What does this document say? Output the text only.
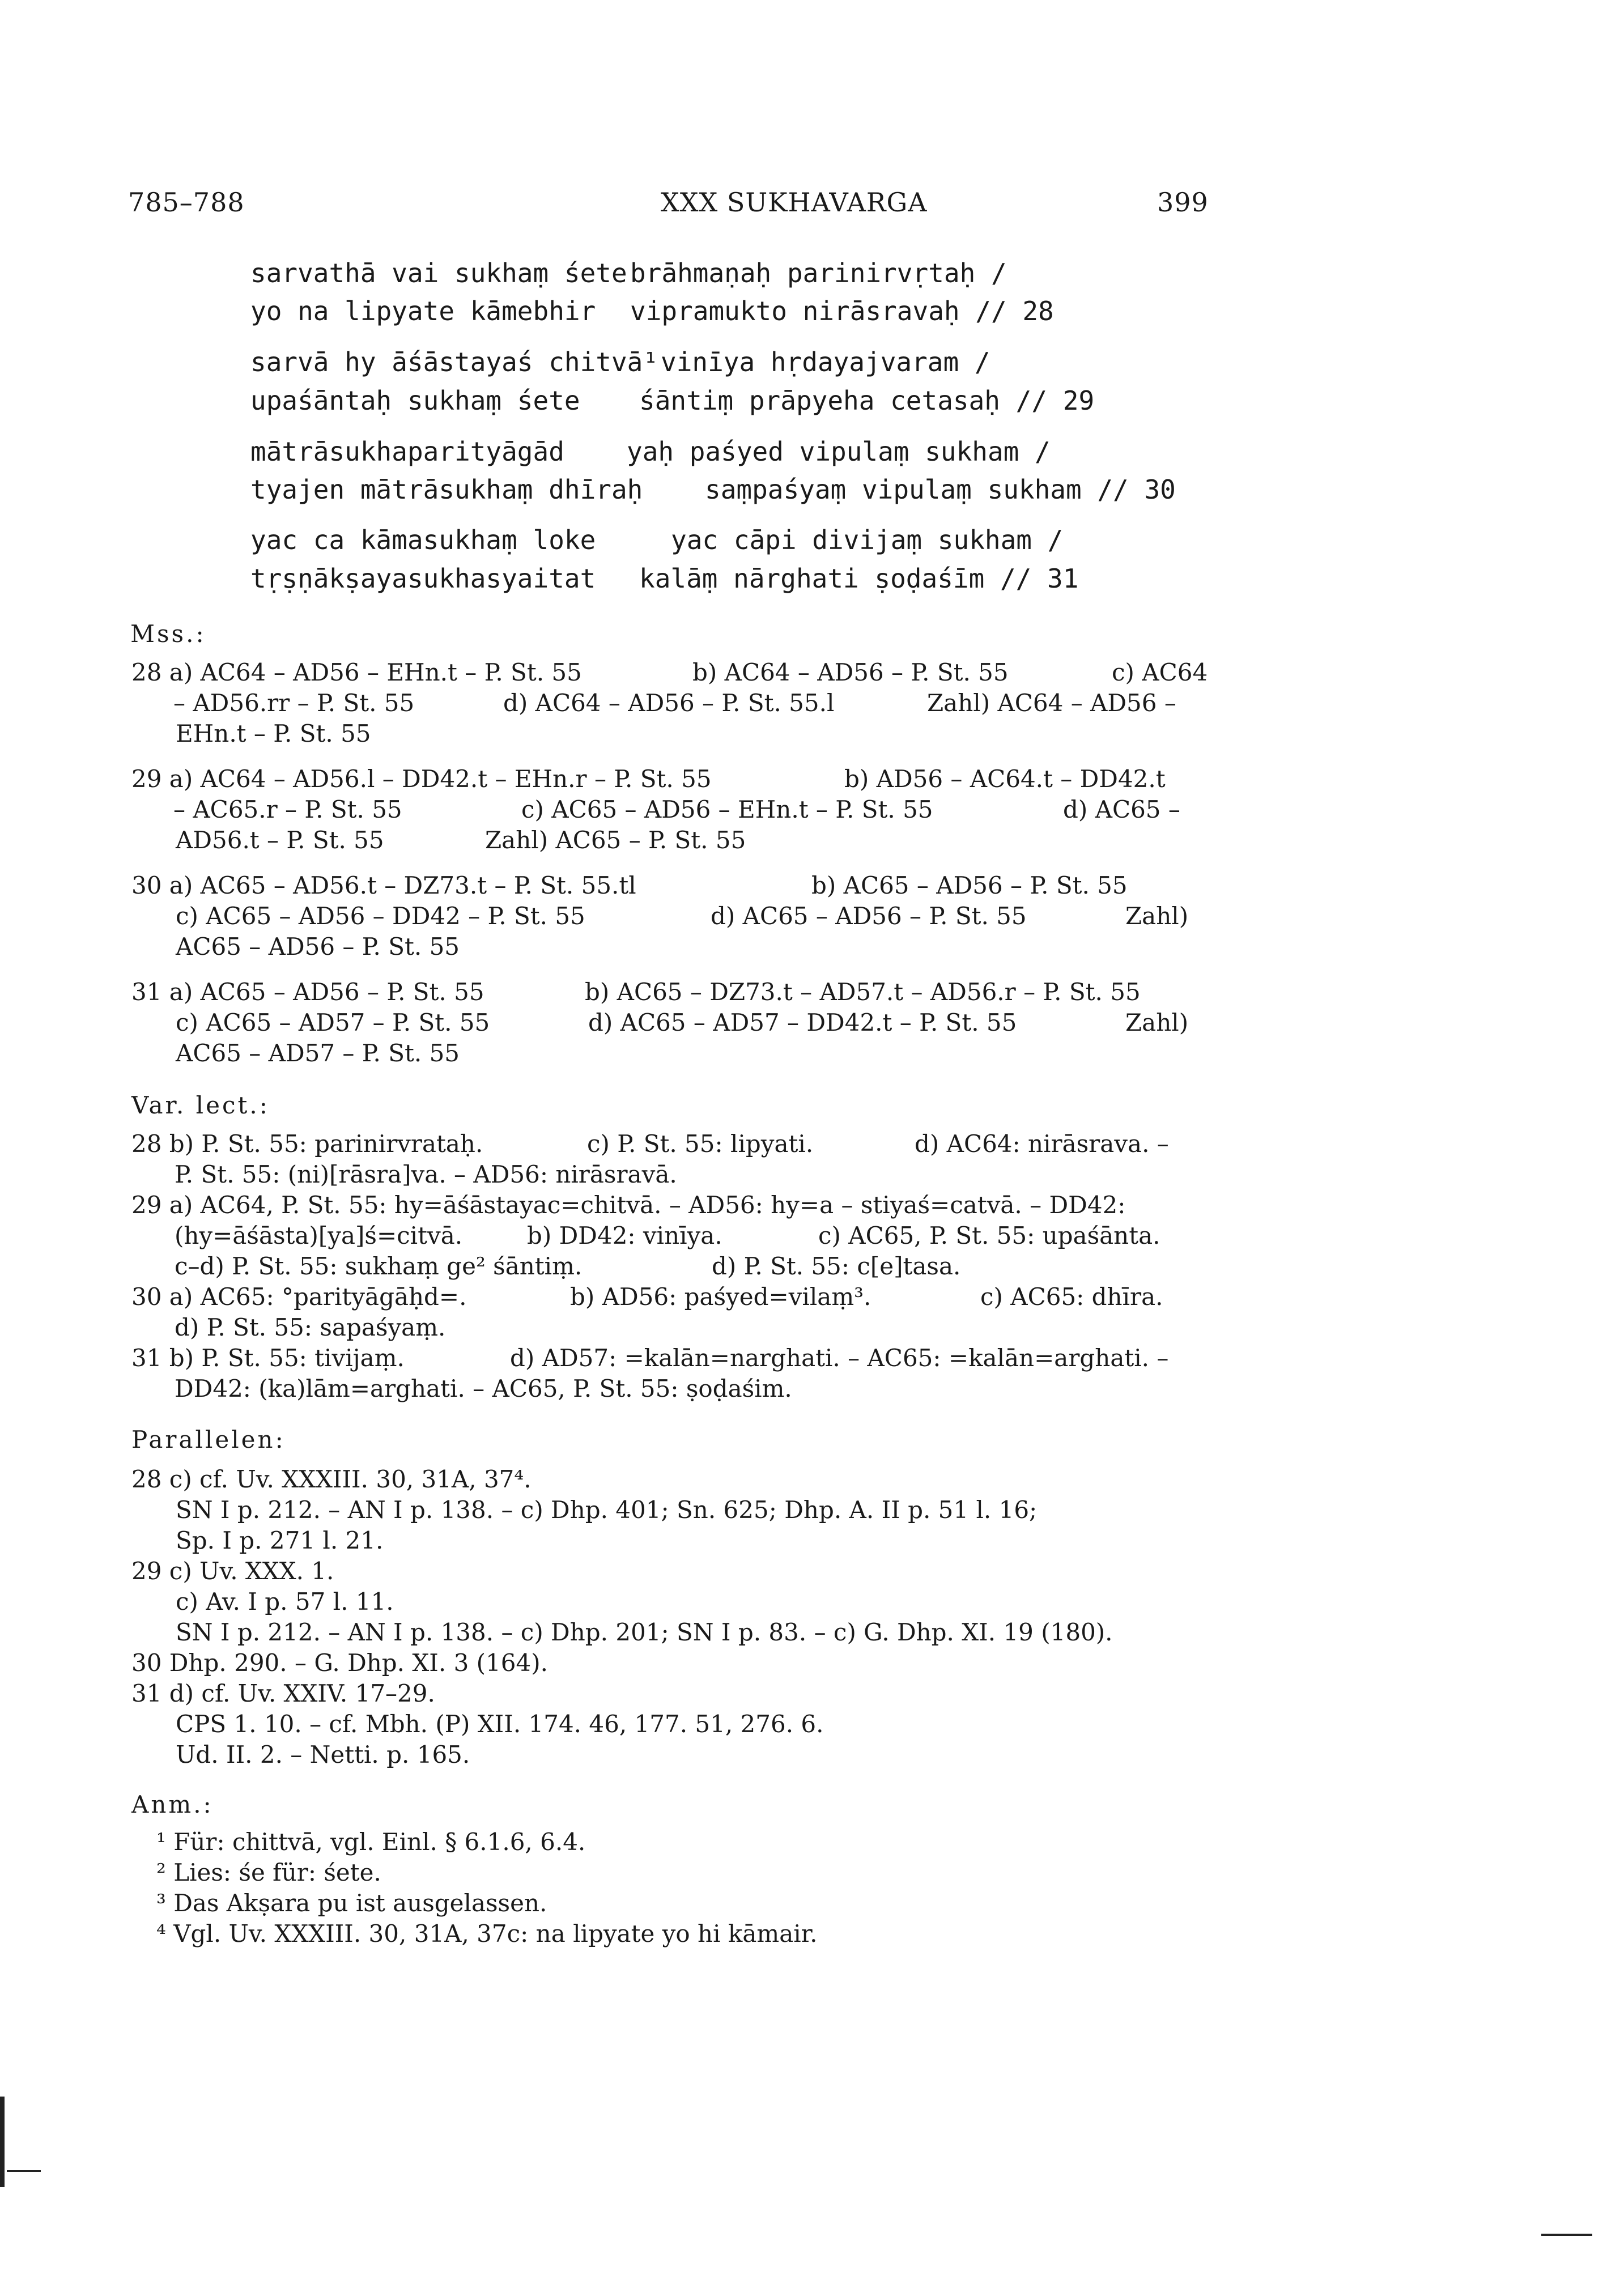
785–788	XXX SUKHAVARGA	399
sarvathā vai sukhaṃ śete brāhmaṇaḥ parinirvṛtaḥ /
yo na lipyate kāmebhir vipramukto nirāsravaḥ // 28
sarvā hy āśāstayaś chitvā¹ vinīya hṛdayajvaram /
upaśāntaḥ sukhaṃ śete śāntiṃ prāpyeha cetasaḥ // 29
mātrāsukhaparityāgād yaḥ paśyed vipulaṃ sukham /
tyajen mātrāsukhaṃ dhīraḥ saṃpaśyaṃ vipulaṃ sukham // 30
yac ca kāmasukhaṃ loke	yac cāpi divijaṃ sukham /
tṛṣṇākṣayasukhasyaitat kalāṃ nārghati ṣoḍaśīm // 31
Mss.:
28 a) AC64 – AD56 – EHn.t – P. St. 55	b) AC64 – AD56 – P. St. 55	c) AC64
– AD56.rr – P. St. 55	d) AC64 – AD56 – P. St. 55.l	Zahl) AC64 – AD56 –
EHn.t – P. St. 55
29 a) AC64 – AD56.l – DD42.t – EHn.r – P. St. 55	b) AD56 – AC64.t – DD42.t
– AC65.r – P. St. 55	c) AC65 – AD56 – EHn.t – P. St. 55	d) AC65 –
AD56.t – P. St. 55	Zahl) AC65 – P. St. 55
30 a) AC65 – AD56.t – DZ73.t – P. St. 55.tl	b) AC65 – AD56 – P. St. 55
c) AC65 – AD56 – DD42 – P. St. 55	d) AC65 – AD56 – P. St. 55	Zahl)
AC65 – AD56 – P. St. 55
31 a) AC65 – AD56 – P. St. 55	b) AC65 – DZ73.t – AD57.t – AD56.r – P. St. 55
c) AC65 – AD57 – P. St. 55	d) AC65 – AD57 – DD42.t – P. St. 55	Zahl)
AC65 – AD57 – P. St. 55
Var. lect.:
28 b) P. St. 55: parinirvrataḥ.	c) P. St. 55: lipyati.	d) AC64: nirāsrava. –
P. St. 55: (ni)[rāsra]va. – AD56: nirāsravā.
29 a) AC64, P. St. 55: hy=āśāstayac=chitvā. – AD56: hy=a – stiyaś=catvā. – DD42:
(hy=āśāsta)[ya]ś=citvā.	b) DD42: vinīya.	c) AC65, P. St. 55: upaśānta.
c–d) P. St. 55: sukhaṃ ge² śāntiṃ.	d) P. St. 55: c[e]tasa.
30 a) AC65: °parityāgāḥd=.	b) AD56: paśyed=vilaṃ³.	c) AC65: dhīra.
d) P. St. 55: sapaśyaṃ.
31 b) P. St. 55: tivijaṃ.	d) AD57: =kalān=narghati. – AC65: =kalān=arghati. –
DD42: (ka)lām=arghati. – AC65, P. St. 55: ṣoḍaśim.
Parallelen:
28 c) cf. Uv. XXXIII. 30, 31A, 37⁴.
SN I p. 212. – AN I p. 138. – c) Dhp. 401; Sn. 625; Dhp. A. II p. 51 l. 16;
Sp. I p. 271 l. 21.
29 c) Uv. XXX. 1.
c) Av. I p. 57 l. 11.
SN I p. 212. – AN I p. 138. – c) Dhp. 201; SN I p. 83. – c) G. Dhp. XI. 19 (180).
30 Dhp. 290. – G. Dhp. XI. 3 (164).
31 d) cf. Uv. XXIV. 17–29.
CPS 1. 10. – cf. Mbh. (P) XII. 174. 46, 177. 51, 276. 6.
Ud. II. 2. – Netti. p. 165.
Anm.:
¹ Für: chittvā, vgl. Einl. § 6.1.6, 6.4.
² Lies: śe für: śete.
³ Das Akṣara pu ist ausgelassen.
⁴ Vgl. Uv. XXXIII. 30, 31A, 37c: na lipyate yo hi kāmair.
